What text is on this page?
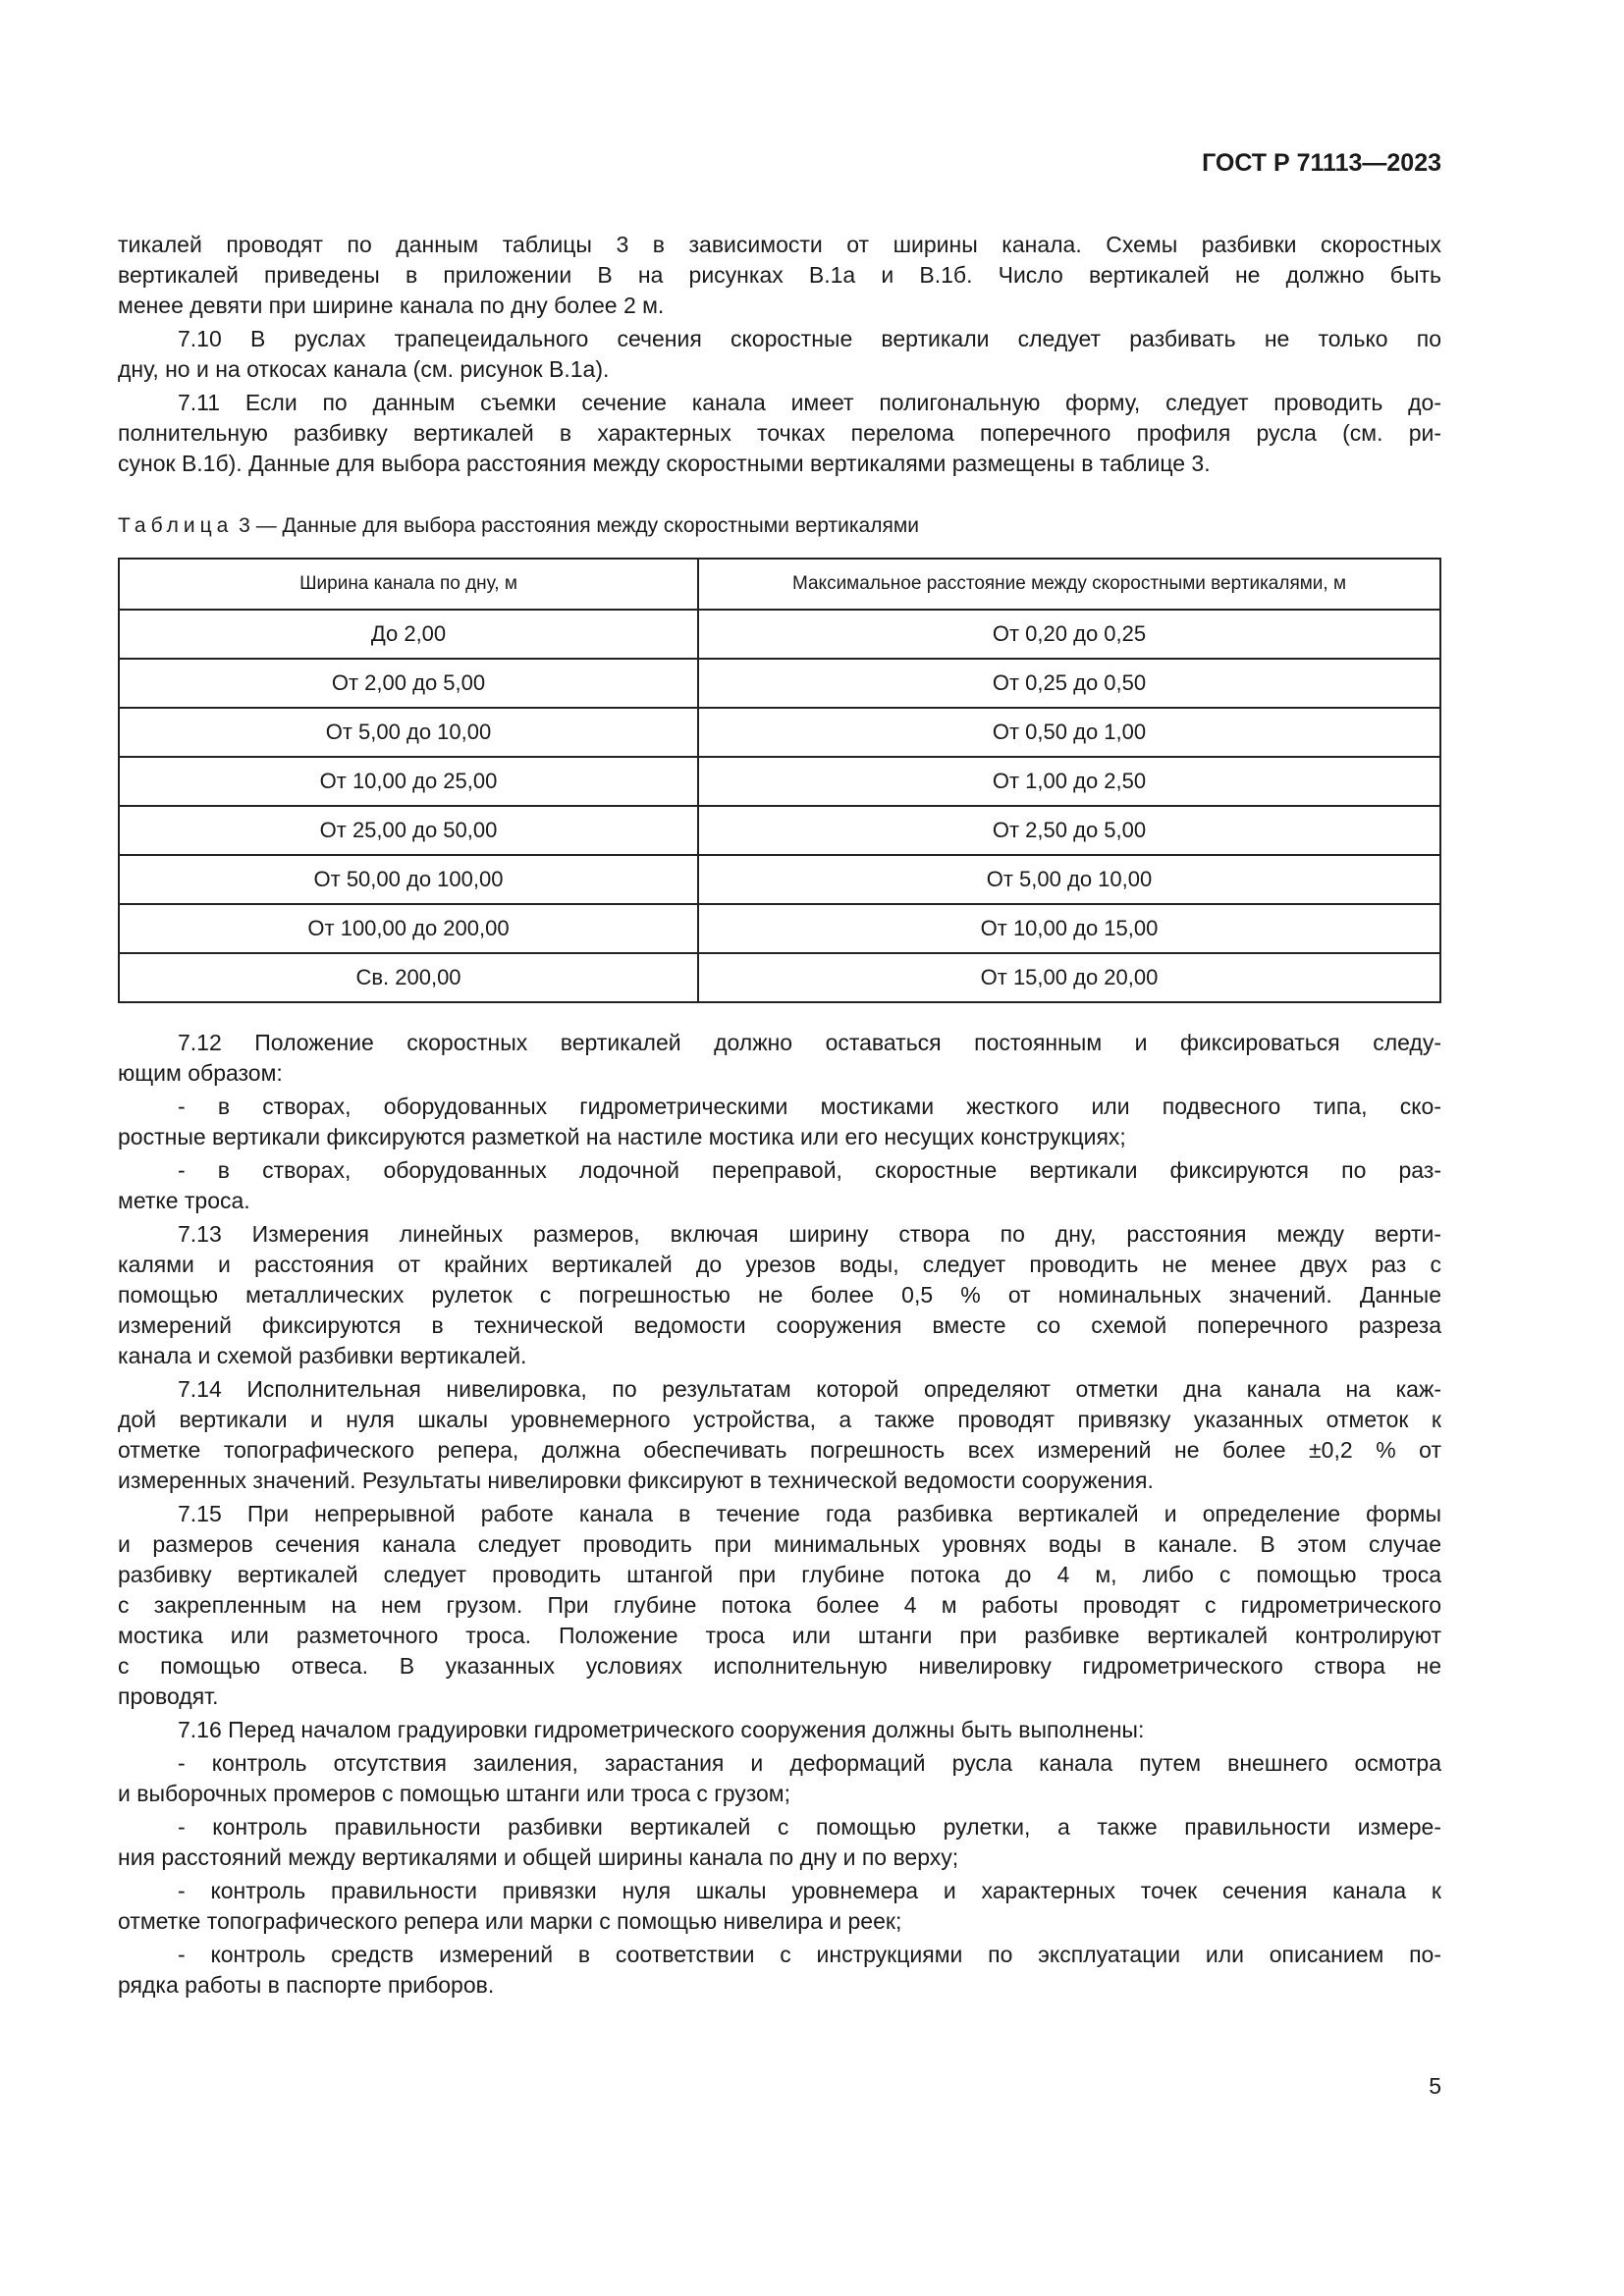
ГОСТ Р 71113—2023
тикалей проводят по данным таблицы 3 в зависимости от ширины канала. Схемы разбивки скоростных
вертикалей приведены в приложении В на рисунках В.1а и В.1б. Число вертикалей не должно быть
менее девяти при ширине канала по дну более 2 м.
7.10 В руслах трапецеидального сечения скоростные вертикали следует разбивать не только по
дну, но и на откосах канала (см. рисунок В.1а).
7.11 Если по данным съемки сечение канала имеет полигональную форму, следует проводить до-
полнительную разбивку вертикалей в характерных точках перелома поперечного профиля русла (см. ри-
сунок В.1б). Данные для выбора расстояния между скоростными вертикалями размещены в таблице 3.
Таблица 3 — Данные для выбора расстояния между скоростными вертикалями
Ширина канала по дну, м	Максимальное расстояние между скоростными вертикалями, м
До 2,00	От 0,20 до 0,25
От 2,00 до 5,00	От 0,25 до 0,50
От 5,00 до 10,00	От 0,50 до 1,00
От 10,00 до 25,00	От 1,00 до 2,50
От 25,00 до 50,00	От 2,50 до 5,00
От 50,00 до 100,00	От 5,00 до 10,00
От 100,00 до 200,00	От 10,00 до 15,00
Св. 200,00	От 15,00 до 20,00
7.12 Положение скоростных вертикалей должно оставаться постоянным и фиксироваться следу-
ющим образом:
- в створах, оборудованных гидрометрическими мостиками жесткого или подвесного типа, ско-
ростные вертикали фиксируются разметкой на настиле мостика или его несущих конструкциях;
- в створах, оборудованных лодочной переправой, скоростные вертикали фиксируются по раз-
метке троса.
7.13 Измерения линейных размеров, включая ширину створа по дну, расстояния между верти-
калями и расстояния от крайних вертикалей до урезов воды, следует проводить не менее двух раз с
помощью металлических рулеток с погрешностью не более 0,5 % от номинальных значений. Данные
измерений фиксируются в технической ведомости сооружения вместе со схемой поперечного разреза
канала и схемой разбивки вертикалей.
7.14 Исполнительная нивелировка, по результатам которой определяют отметки дна канала на каж-
дой вертикали и нуля шкалы уровнемерного устройства, а также проводят привязку указанных отметок к
отметке топографического репера, должна обеспечивать погрешность всех измерений не более ±0,2 % от
измеренных значений. Результаты нивелировки фиксируют в технической ведомости сооружения.
7.15 При непрерывной работе канала в течение года разбивка вертикалей и определение формы
и размеров сечения канала следует проводить при минимальных уровнях воды в канале. В этом случае
разбивку вертикалей следует проводить штангой при глубине потока до 4 м, либо с помощью троса
с закрепленным на нем грузом. При глубине потока более 4 м работы проводят с гидрометрического
мостика или разметочного троса. Положение троса или штанги при разбивке вертикалей контролируют
с помощью отвеса. В указанных условиях исполнительную нивелировку гидрометрического створа не
проводят.
7.16 Перед началом градуировки гидрометрического сооружения должны быть выполнены:
- контроль отсутствия заиления, зарастания и деформаций русла канала путем внешнего осмотра
и выборочных промеров с помощью штанги или троса с грузом;
- контроль правильности разбивки вертикалей с помощью рулетки, а также правильности измере-
ния расстояний между вертикалями и общей ширины канала по дну и по верху;
- контроль правильности привязки нуля шкалы уровнемера и характерных точек сечения канала к
отметке топографического репера или марки с помощью нивелира и реек;
- контроль средств измерений в соответствии с инструкциями по эксплуатации или описанием по-
рядка работы в паспорте приборов.
5
